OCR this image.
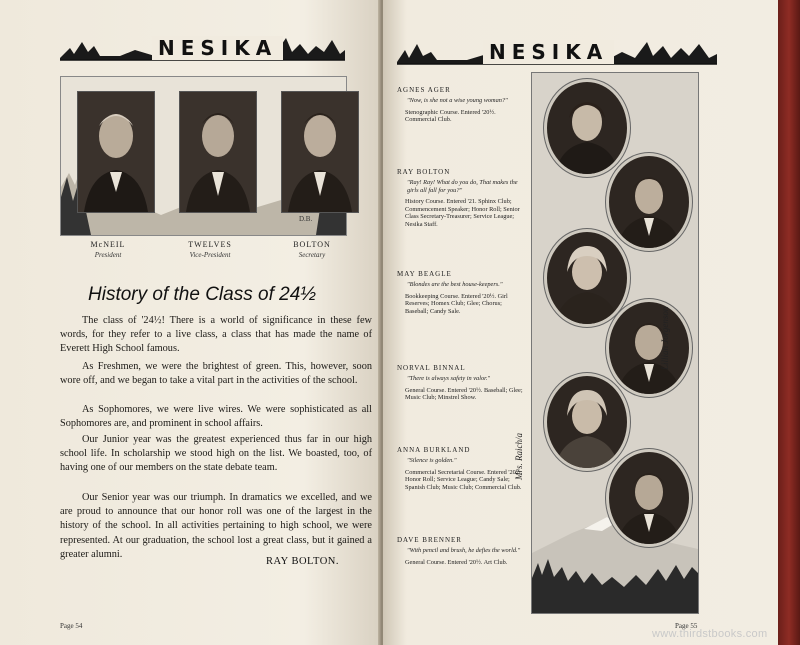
NESIKA
D.B.
McNEIL
President
TWELVES
Vice-President
BOLTON
Secretary
History of the Class of 24½

The class of '24½! There is a world of significance in these few words, for they refer to a live class, a class that has made the name of Everett High School famous.

As Freshmen, we were the brightest of green. This, however, soon wore off, and we began to take a vital part in the activities of the school.

As Sophomores, we were live wires. We were sophisticated as all Sophomores are, and prominent in school affairs.

Our Junior year was the greatest experienced thus far in our high school life. In scholarship we stood high on the list. We boasted, too, of having one of our members on the state debate team.

Our Senior year was our triumph. In dramatics we excelled, and we are proud to announce that our honor roll was one of the largest in the history of the school. In all activities pertaining to high school, we were represented. At our graduation, the school lost a great class, but it gained a greater alumni.

RAY BOLTON.
Page 54
NESIKA
Page 55

AGNES AGER

"Now, is she not a wise young woman?"

Stenographic Course. Entered '20½. Commercial Club.

RAY BOLTON

"Ray! Ray! What do you do, That makes the girls all fall for you?"

History Course. Entered '21. Sphinx Club; Commencement Speaker; Honor Roll; Senior Class Secretary-Treasurer; Service League; Nesika Staff.

MAY BEAGLE

"Blondes are the best house-keepers."

Bookkeeping Course. Entered '20½. Girl Reserves; Homex Club; Glee; Chorus; Baseball; Candy Sale.

NORVAL BINNAL

"There is always safety in valor."

General Course. Entered '20½. Baseball; Glee; Music Club; Minstrel Show.

ANNA BURKLAND

"Silence is golden."

Commercial Secretarial Course. Entered '20½. Honor Roll; Service League; Candy Sale; Spanish Club; Music Club; Commercial Club.

DAVE BRENNER

"With pencil and brush, he defies the world."

General Course. Entered '20½. Art Club.

Lillian Jorgenson
Mrs. Raich/a
www.thirdstbooks.com
